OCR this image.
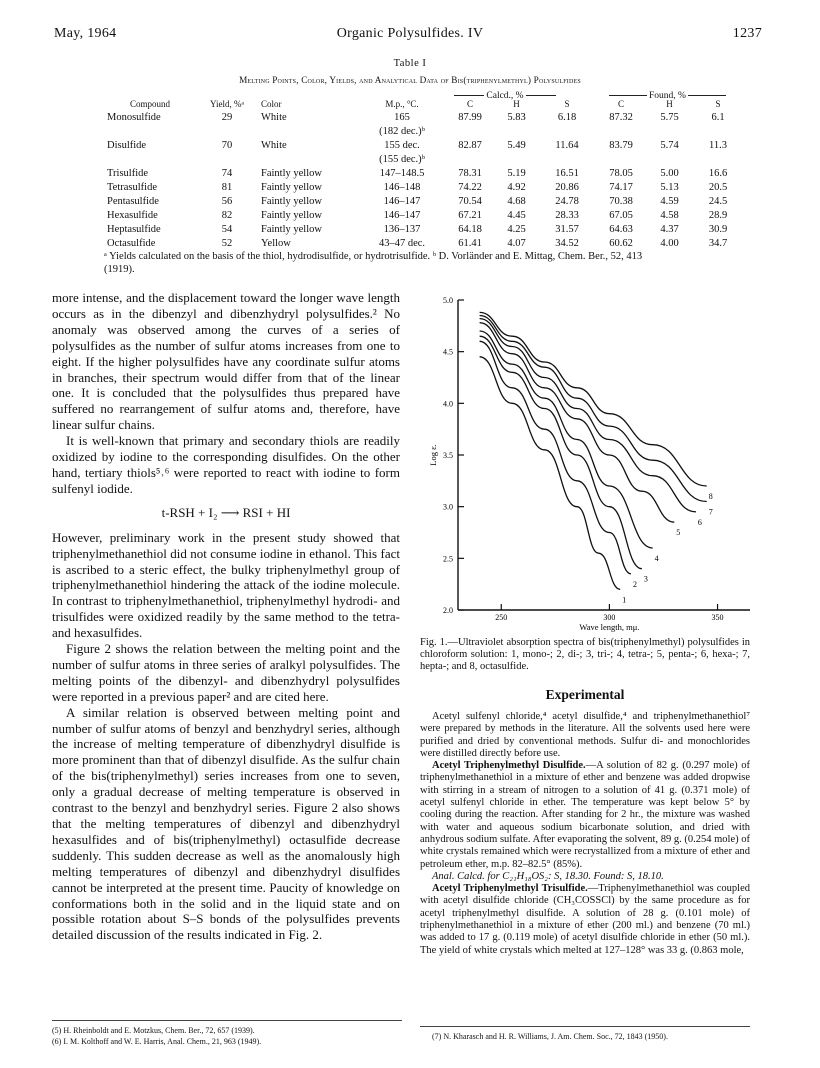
May, 1964	Organic Polysulfides. IV	1237
Table I
Melting Points, Color, Yields, and Analytical Data of Bis(triphenylmethyl) Polysulfides
Calcd., %	Found, %
Compound	Yield, %ᵃ	Color	M.p., °C.	C	H	S	C	H	S
Monosulfide	29	White	165	87.99	5.83	6.18	87.32	5.75	6.1
			(182 dec.)ᵇ						
Disulfide	70	White	155 dec.	82.87	5.49	11.64	83.79	5.74	11.3
			(155 dec.)ᵇ						
Trisulfide	74	Faintly yellow	147–148.5	78.31	5.19	16.51	78.05	5.00	16.6
Tetrasulfide	81	Faintly yellow	146–148	74.22	4.92	20.86	74.17	5.13	20.5
Pentasulfide	56	Faintly yellow	146–147	70.54	4.68	24.78	70.38	4.59	24.5
Hexasulfide	82	Faintly yellow	146–147	67.21	4.45	28.33	67.05	4.58	28.9
Heptasulfide	54	Faintly yellow	136–137	64.18	4.25	31.57	64.63	4.37	30.9
Octasulfide	52	Yellow	43–47 dec.	61.41	4.07	34.52	60.62	4.00	34.7
ᵃ Yields calculated on the basis of the thiol, hydrodisulfide, or hydrotrisulfide. ᵇ D. Vorländer and E. Mittag, Chem. Ber., 52, 413
(1919).

more intense, and the displacement toward the longer wave length occurs as in the dibenzyl and dibenzhydryl polysulfides.² No anomaly was observed among the curves of a series of polysulfides as the number of sulfur atoms increases from one to eight. If the higher polysulfides have any coordinate sulfur atoms in branches, their spectrum would differ from that of the linear one. It is concluded that the polysulfides thus prepared have suffered no rearrangement of sulfur atoms and, therefore, have linear sulfur chains.

It is well-known that primary and secondary thiols are readily oxidized by iodine to the corresponding disulfides. On the other hand, tertiary thiols⁵˒⁶ were reported to react with iodine to form sulfenyl iodide.

t-RSH + I₂ ⟶ RSI + HI

However, preliminary work in the present study showed that triphenylmethanethiol did not consume iodine in ethanol. This fact is ascribed to a steric effect, the bulky triphenylmethyl group of triphenylmethanethiol hindering the attack of the iodine molecule. In contrast to triphenylmethanethiol, triphenylmethyl hydrodi- and trisulfides were oxidized readily by the same method to the tetra- and hexasulfides.

Figure 2 shows the relation between the melting point and the number of sulfur atoms in three series of aralkyl polysulfides. The melting points of the dibenzyl- and dibenzhydryl polysulfides were reported in a previous paper² and are cited here.

A similar relation is observed between melting point and number of sulfur atoms of benzyl and benzhydryl series, although the increase of melting temperature of dibenzhydryl disulfide is more prominent than that of dibenzyl disulfide. As the sulfur chain of the bis(triphenylmethyl) series increases from one to seven, only a gradual decrease of melting temperature is observed in contrast to the benzyl and benzhydryl series. Figure 2 also shows that the melting temperatures of dibenzyl and dibenzhydryl hexasulfides and of bis(triphenylmethyl) octasulfide decrease suddenly. This sudden decrease as well as the anomalously high melting temperatures of dibenzyl and dibenzhydryl disulfides cannot be interpreted at the present time. Paucity of knowledge on conformations both in the solid and in the liquid state and on possible rotation about S–S bonds of the polysulfides prevents detailed discussion of the results indicated in Fig. 2.

(5) H. Rheinboldt and E. Motzkus, Chem. Ber., 72, 657 (1939).
(6) I. M. Kolthoff and W. E. Harris, Anal. Chem., 21, 963 (1949).
5.0
4.5
4.0
3.5
3.0
2.5
2.0
250	300	350
Log ε.
Wave length, mμ.
1
2
3
4
5
6
7
8
Fig. 1.—Ultraviolet absorption spectra of bis(triphenylmethyl) polysulfides in chloroform solution: 1, mono-; 2, di-; 3, tri-; 4, tetra-; 5, penta-; 6, hexa-; 7, hepta-; and 8, octasulfide.
Experimental

Acetyl sulfenyl chloride,⁴ acetyl disulfide,⁴ and triphenylmethanethiol⁷ were prepared by methods in the literature. All the solvents used here were purified and dried by conventional methods. Sulfur di- and monochlorides were distilled directly before use.

Acetyl Triphenylmethyl Disulfide.—A solution of 82 g. (0.297 mole) of triphenylmethanethiol in a mixture of ether and benzene was added dropwise with stirring in a stream of nitrogen to a solution of 41 g. (0.371 mole) of acetyl sulfenyl chloride in ether. The temperature was kept below 5° by cooling during the reaction. After standing for 2 hr., the mixture was washed with water and aqueous sodium bicarbonate solution, and dried with anhydrous sodium sulfate. After evaporating the solvent, 89 g. (0.254 mole) of white crystals remained which were recrystallized from a mixture of ether and petroleum ether, m.p. 82–82.5° (85%).

Anal. Calcd. for C₂₁H₁₈OS₂: S, 18.30. Found: S, 18.10.

Acetyl Triphenylmethyl Trisulfide.—Triphenylmethanethiol was coupled with acetyl disulfide chloride (CH₃COSSCl) by the same procedure as for acetyl triphenylmethyl disulfide. A solution of 28 g. (0.101 mole) of triphenylmethanethiol in a mixture of ether (200 ml.) and benzene (70 ml.) was added to 17 g. (0.119 mole) of acetyl disulfide chloride in ether (50 ml.). The yield of white crystals which melted at 127–128° was 33 g. (0.863 mole,

(7) N. Kharasch and H. R. Williams, J. Am. Chem. Soc., 72, 1843 (1950).
